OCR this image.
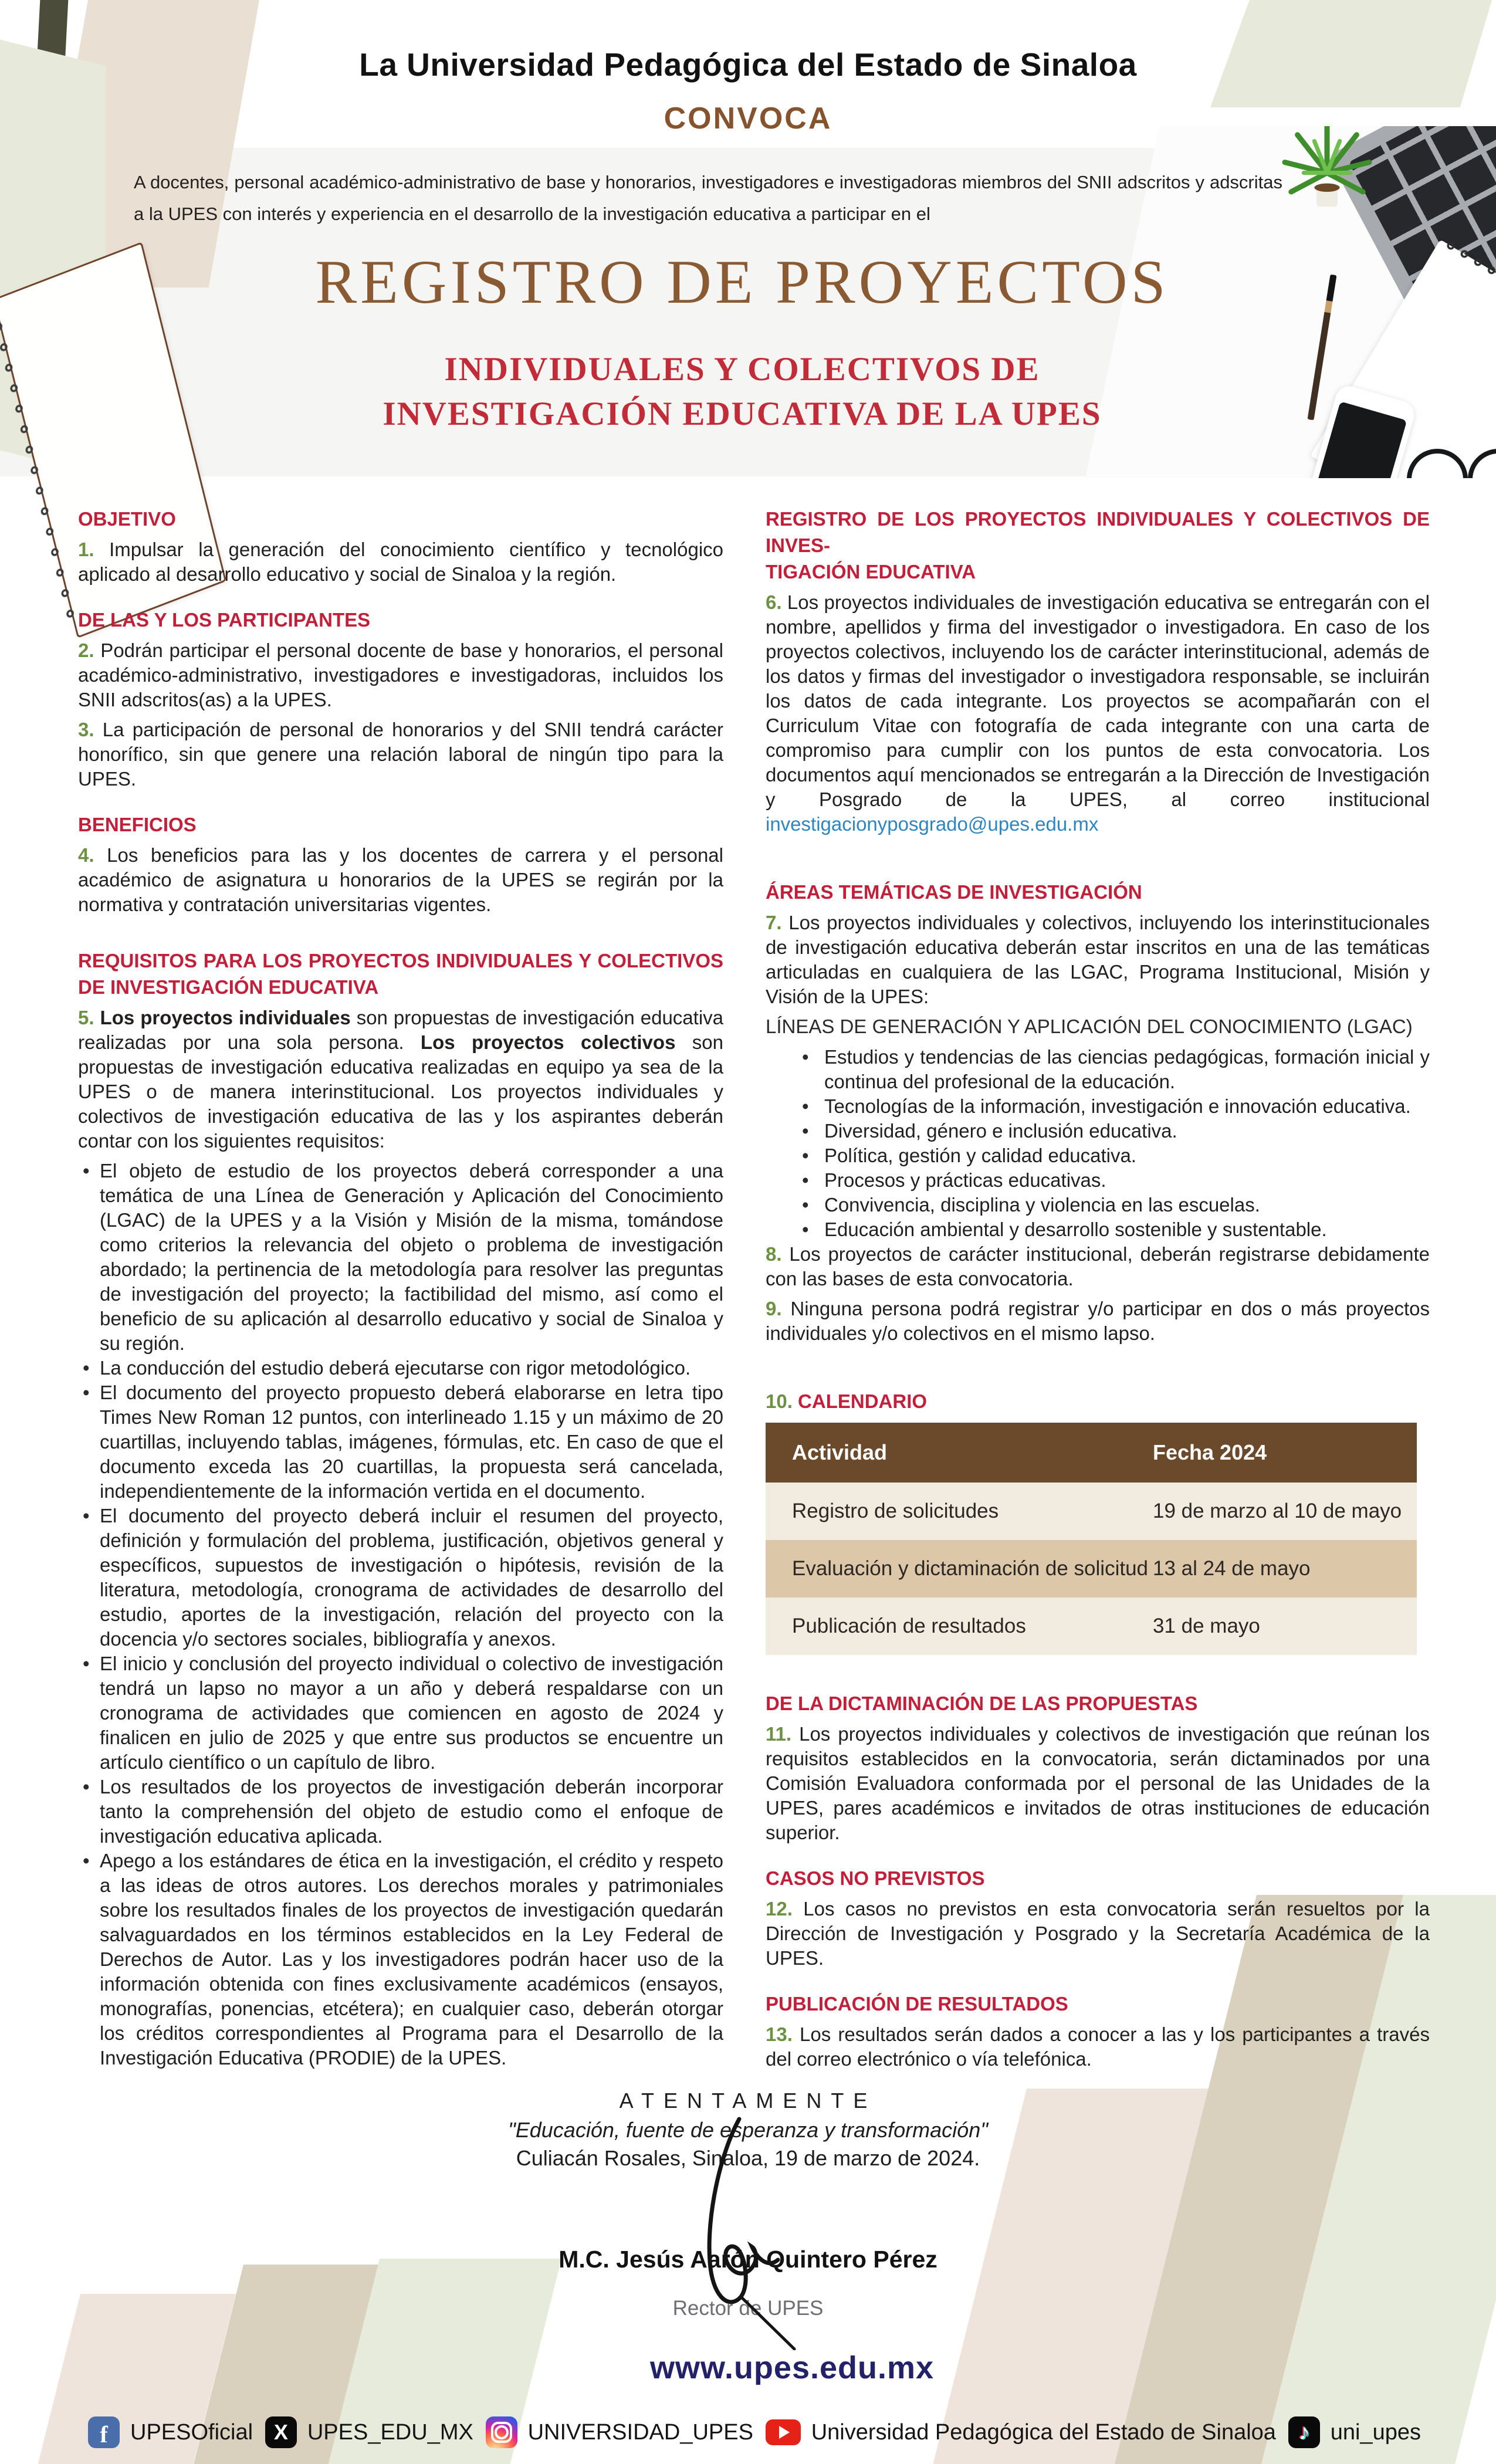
La Universidad Pedagógica del Estado de Sinaloa
CONVOCA
A docentes, personal académico-administrativo de base y honorarios, investigadores e investigadoras miembros del SNII adscritos y adscritas a la UPES con interés y experiencia en el desarrollo de la investigación educativa a participar en el
REGISTRO DE PROYECTOS
INDIVIDUALES Y COLECTIVOS DE
INVESTIGACIÓN EDUCATIVA DE LA UPES

OBJETIVO

1. Impulsar la generación del conocimiento científico y tecnológico aplicado al desarrollo educativo y social de Sinaloa y la región.

DE LAS Y LOS PARTICIPANTES

2. Podrán participar el personal docente de base y honorarios, el personal académico-administrativo, investigadores e investigadoras, incluidos los SNII adscritos(as) a la UPES.

3. La participación de personal de honorarios y del SNII tendrá carácter honorífico, sin que genere una relación laboral de ningún tipo para la UPES.

BENEFICIOS

4. Los beneficios para las y los docentes de carrera y el personal académico de asignatura u honorarios de la UPES se regirán por la normativa y contratación universitarias vigentes.

REQUISITOS PARA LOS PROYECTOS INDIVIDUALES Y COLECTIVOS DE INVESTIGACIÓN EDUCATIVA

5. Los proyectos individuales son propuestas de investigación educativa realizadas por una sola persona. Los proyectos colectivos son propuestas de investigación educativa realizadas en equipo ya sea de la UPES o de manera interinstitucional. Los proyectos individuales y colectivos de investigación educativa de las y los aspirantes deberán contar con los siguientes requisitos:

• El objeto de estudio de los proyectos deberá corresponder a una temática de una Línea de Generación y Aplicación del Conocimiento (LGAC) de la UPES y a la Visión y Misión de la misma, tomándose como criterios la relevancia del objeto o problema de investigación abordado; la pertinencia de la metodología para resolver las preguntas de investigación del proyecto; la factibilidad del mismo, así como el beneficio de su aplicación al desarrollo educativo y social de Sinaloa y su región.

• La conducción del estudio deberá ejecutarse con rigor metodológico.

• El documento del proyecto propuesto deberá elaborarse en letra tipo Times New Roman 12 puntos, con interlineado 1.15 y un máximo de 20 cuartillas, incluyendo tablas, imágenes, fórmulas, etc. En caso de que el documento exceda las 20 cuartillas, la propuesta será cancelada, independientemente de la información vertida en el documento.

• El documento del proyecto deberá incluir el resumen del proyecto, definición y formulación del problema, justificación, objetivos general y específicos, supuestos de investigación o hipótesis, revisión de la literatura, metodología, cronograma de actividades de desarrollo del estudio, aportes de la investigación, relación del proyecto con la docencia y/o sectores sociales, bibliografía y anexos.

• El inicio y conclusión del proyecto individual o colectivo de investigación tendrá un lapso no mayor a un año y deberá respaldarse con un cronograma de actividades que comiencen en agosto de 2024 y finalicen en julio de 2025 y que entre sus productos se encuentre un artículo científico o un capítulo de libro.

• Los resultados de los proyectos de investigación deberán incorporar tanto la comprehensión del objeto de estudio como el enfoque de investigación educativa aplicada.

• Apego a los estándares de ética en la investigación, el crédito y respeto a las ideas de otros autores. Los derechos morales y patrimoniales sobre los resultados finales de los proyectos de investigación quedarán salvaguardados en los términos establecidos en la Ley Federal de Derechos de Autor. Las y los investigadores podrán hacer uso de la información obtenida con fines exclusivamente académicos (ensayos, monografías, ponencias, etcétera); en cualquier caso, deberán otorgar los créditos correspondientes al Programa para el Desarrollo de la Investigación Educativa (PRODIE) de la UPES.

REGISTRO DE LOS PROYECTOS INDIVIDUALES Y COLECTIVOS DE INVES-
TIGACIÓN EDUCATIVA

6. Los proyectos individuales de investigación educativa se entregarán con el nombre, apellidos y firma del investigador o investigadora. En caso de los proyectos colectivos, incluyendo los de carácter interinstitucional, además de los datos y firmas del investigador o investigadora responsable, se incluirán los datos de cada integrante. Los proyectos se acompañarán con el Curriculum Vitae con fotografía de cada integrante con una carta de compromiso para cumplir con los puntos de esta convocatoria. Los documentos aquí mencionados se entregarán a la Dirección de Investigación y Posgrado de la UPES, al correo institucional investigacionyposgrado@upes.edu.mx

ÁREAS TEMÁTICAS DE INVESTIGACIÓN

7. Los proyectos individuales y colectivos, incluyendo los interinstitucionales de investigación educativa deberán estar inscritos en una de las temáticas articuladas en cualquiera de las LGAC, Programa Institucional, Misión y Visión de la UPES:

LÍNEAS DE GENERACIÓN Y APLICACIÓN DEL CONOCIMIENTO (LGAC)

• Estudios y tendencias de las ciencias pedagógicas, formación inicial y continua del profesional de la educación.

• Tecnologías de la información, investigación e innovación educativa.

• Diversidad, género e inclusión educativa.

• Política, gestión y calidad educativa.

• Procesos y prácticas educativas.

• Convivencia, disciplina y violencia en las escuelas.

• Educación ambiental y desarrollo sostenible y sustentable.

8. Los proyectos de carácter institucional, deberán registrarse debidamente con las bases de esta convocatoria.

9. Ninguna persona podrá registrar y/o participar en dos o más proyectos individuales y/o colectivos en el mismo lapso.

10. CALENDARIO

Actividad	Fecha 2024
Registro de solicitudes	19 de marzo al 10 de mayo
Evaluación y dictaminación de solicitud	13 al 24 de mayo
Publicación de resultados	31 de mayo

DE LA DICTAMINACIÓN DE LAS PROPUESTAS

11. Los proyectos individuales y colectivos de investigación que reúnan los requisitos establecidos en la convocatoria, serán dictaminados por una Comisión Evaluadora conformada por el personal de las Unidades de la UPES, pares académicos e invitados de otras instituciones de educación superior.

CASOS NO PREVISTOS

12. Los casos no previstos en esta convocatoria serán resueltos por la Dirección de Investigación y Posgrado y la Secretaría Académica de la UPES.

PUBLICACIÓN DE RESULTADOS

13. Los resultados serán dados a conocer a las y los participantes a través del correo electrónico o vía telefónica.

ATENTAMENTE
"Educación, fuente de esperanza y transformación"
Culiacán Rosales, Sinaloa, 19 de marzo de 2024.
M.C. Jesús Aarón Quintero Pérez
Rector de UPES
www.upes.edu.mx
f
UPESOficial X UPES_EDU_MX UNIVERSIDAD_UPES	Universidad Pedagógica del Estado de Sinaloa ♪ uni_upes
